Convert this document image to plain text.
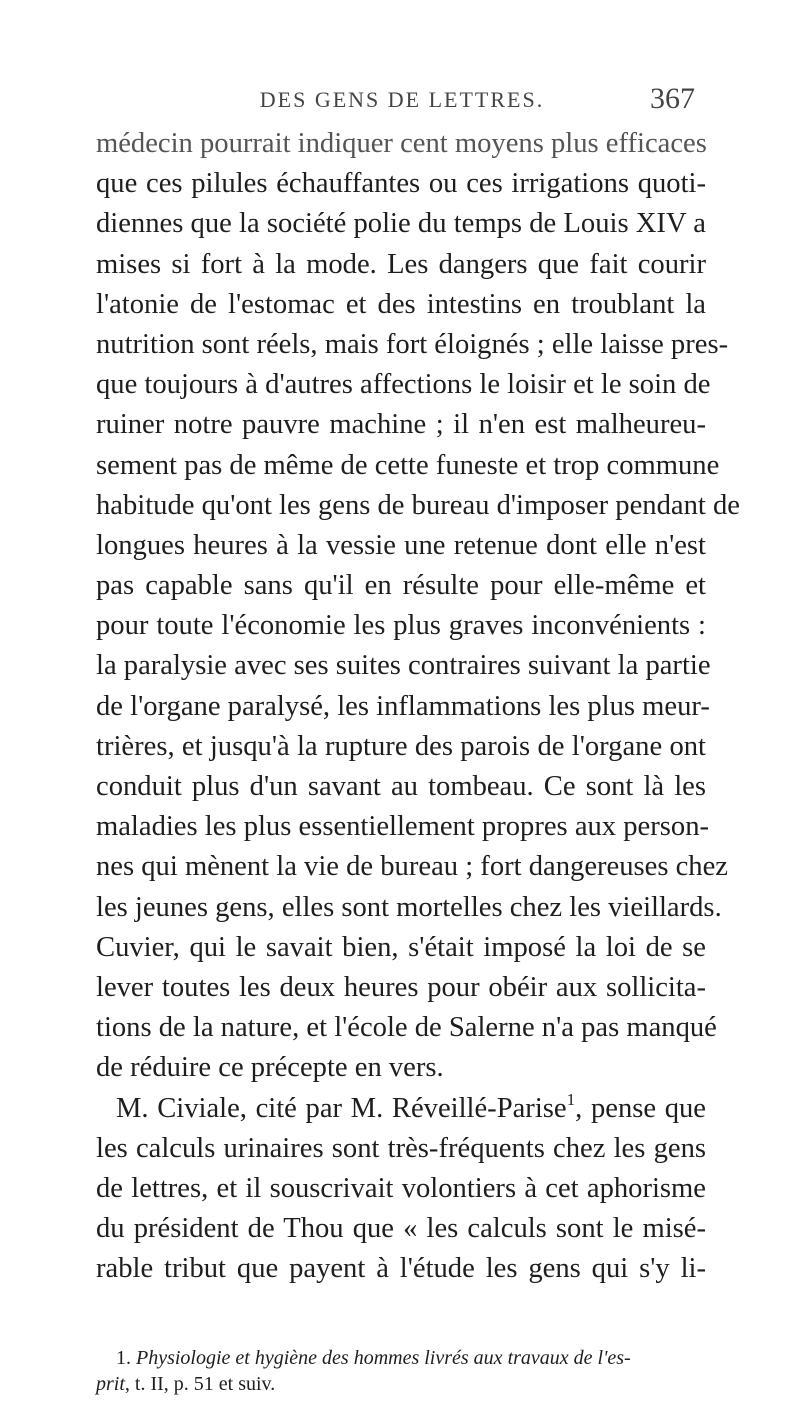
DES GENS DE LETTRES.	367
médecin pourrait indiquer cent moyens plus efficaces
que ces pilules échauffantes ou ces irrigations quoti-
diennes que la société polie du temps de Louis XIV a
mises si fort à la mode. Les dangers que fait courir
l'atonie de l'estomac et des intestins en troublant la
nutrition sont réels, mais fort éloignés ; elle laisse pres-
que toujours à d'autres affections le loisir et le soin de
ruiner notre pauvre machine ; il n'en est malheureu-
sement pas de même de cette funeste et trop commune
habitude qu'ont les gens de bureau d'imposer pendant de
longues heures à la vessie une retenue dont elle n'est
pas capable sans qu'il en résulte pour elle-même et
pour toute l'économie les plus graves inconvénients :
la paralysie avec ses suites contraires suivant la partie
de l'organe paralysé, les inflammations les plus meur-
trières, et jusqu'à la rupture des parois de l'organe ont
conduit plus d'un savant au tombeau. Ce sont là les
maladies les plus essentiellement propres aux person-
nes qui mènent la vie de bureau ; fort dangereuses chez
les jeunes gens, elles sont mortelles chez les vieillards.
Cuvier, qui le savait bien, s'était imposé la loi de se
lever toutes les deux heures pour obéir aux sollicita-
tions de la nature, et l'école de Salerne n'a pas manqué
de réduire ce précepte en vers.
M. Civiale, cité par M. Réveillé-Parise$^1$, pense que
les calculs urinaires sont très-fréquents chez les gens
de lettres, et il souscrivait volontiers à cet aphorisme
du président de Thou que « les calculs sont le misé-
rable tribut que payent à l'étude les gens qui s'y li-
1. Physiologie et hygiène des hommes livrés aux travaux de l'es-
prit, t. II, p. 51 et suiv.
